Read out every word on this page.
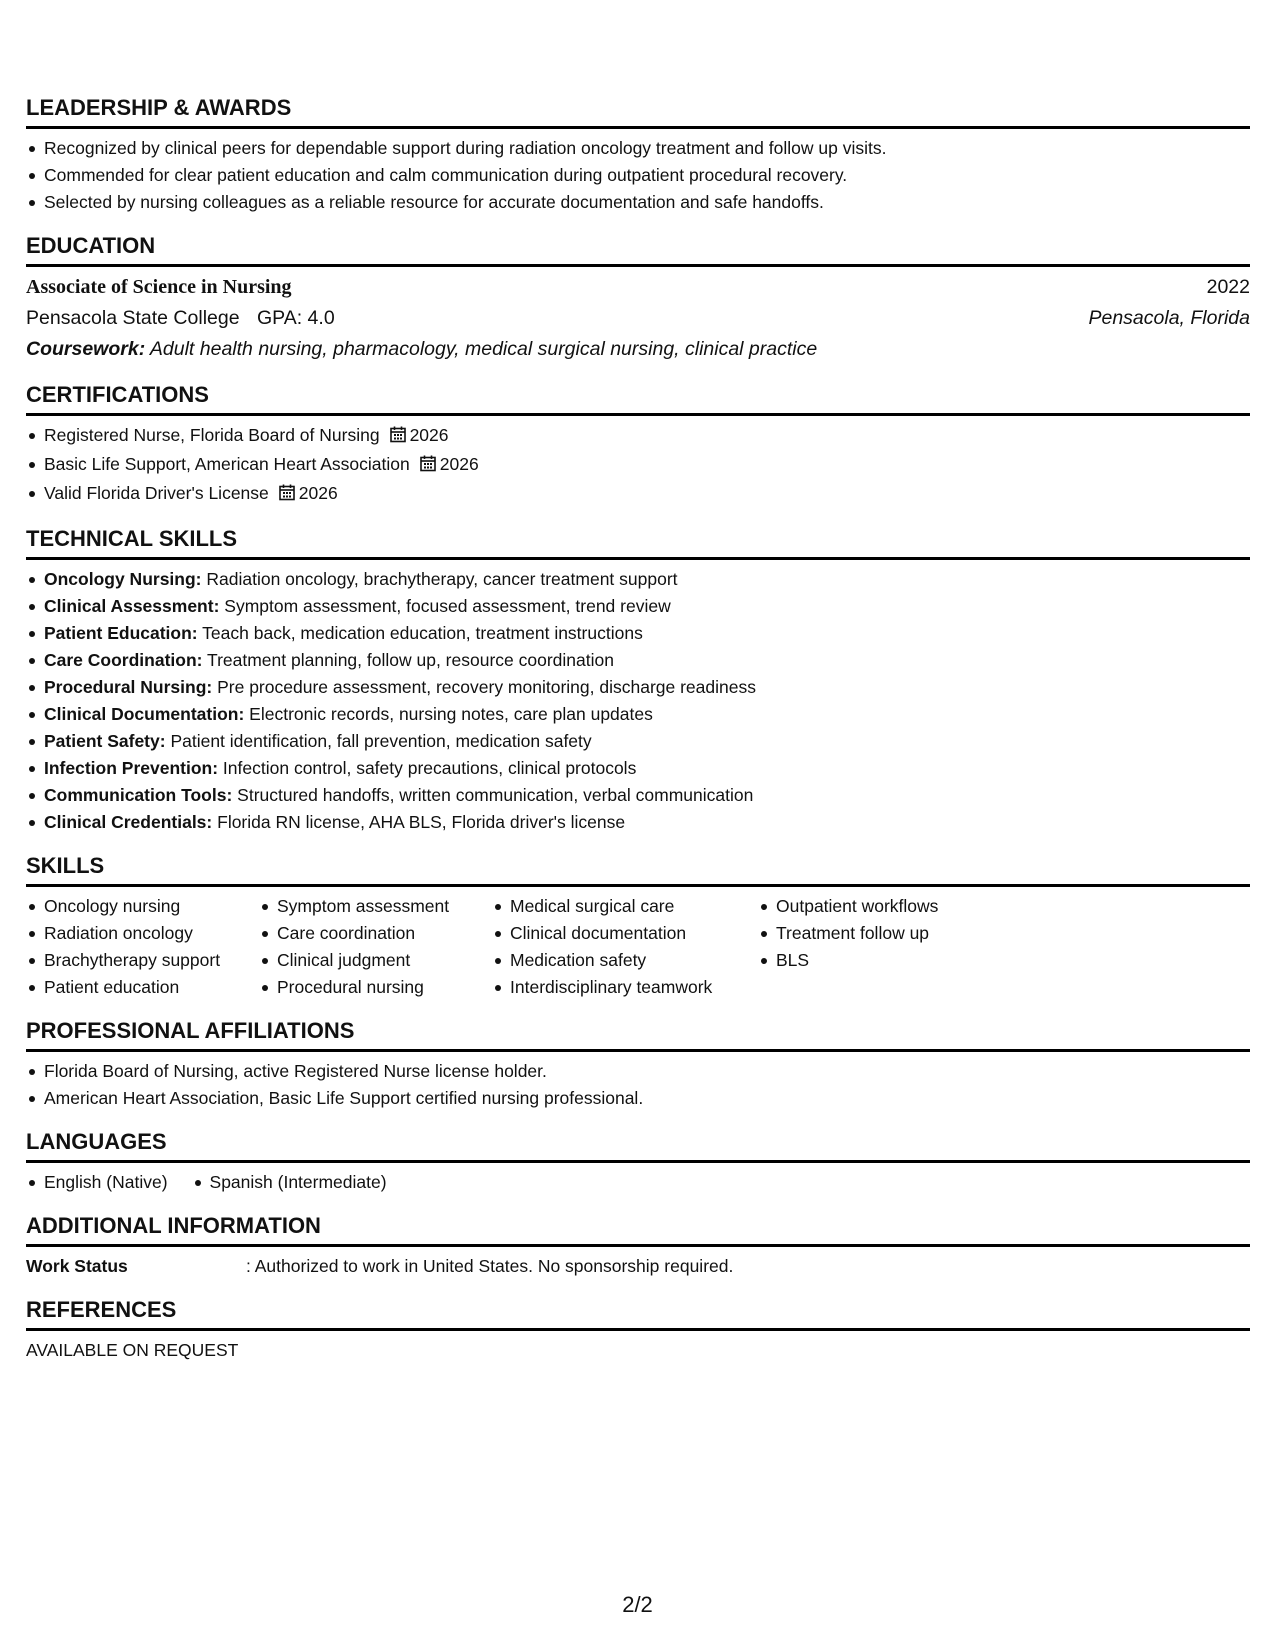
LEADERSHIP & AWARDS
Recognized by clinical peers for dependable support during radiation oncology treatment and follow up visits.
Commended for clear patient education and calm communication during outpatient procedural recovery.
Selected by nursing colleagues as a reliable resource for accurate documentation and safe handoffs.
EDUCATION
Associate of Science in Nursing	2022
Pensacola State College GPA: 4.0	Pensacola, Florida
Coursework: Adult health nursing, pharmacology, medical surgical nursing, clinical practice
CERTIFICATIONS
Registered Nurse, Florida Board of Nursing 2026
Basic Life Support, American Heart Association 2026
Valid Florida Driver's License 2026
TECHNICAL SKILLS
Oncology Nursing: Radiation oncology, brachytherapy, cancer treatment support
Clinical Assessment: Symptom assessment, focused assessment, trend review
Patient Education: Teach back, medication education, treatment instructions
Care Coordination: Treatment planning, follow up, resource coordination
Procedural Nursing: Pre procedure assessment, recovery monitoring, discharge readiness
Clinical Documentation: Electronic records, nursing notes, care plan updates
Patient Safety: Patient identification, fall prevention, medication safety
Infection Prevention: Infection control, safety precautions, clinical protocols
Communication Tools: Structured handoffs, written communication, verbal communication
Clinical Credentials: Florida RN license, AHA BLS, Florida driver's license
SKILLS
Oncology nursing
Radiation oncology
Brachytherapy support
Patient education
Symptom assessment
Care coordination
Clinical judgment
Procedural nursing
Medical surgical care
Clinical documentation
Medication safety
Interdisciplinary teamwork
Outpatient workflows
Treatment follow up
BLS
PROFESSIONAL AFFILIATIONS
Florida Board of Nursing, active Registered Nurse license holder.
American Heart Association, Basic Life Support certified nursing professional.
LANGUAGES
English (Native)	Spanish (Intermediate)
ADDITIONAL INFORMATION
Work Status	: Authorized to work in United States. No sponsorship required.
REFERENCES
AVAILABLE ON REQUEST
2/2
